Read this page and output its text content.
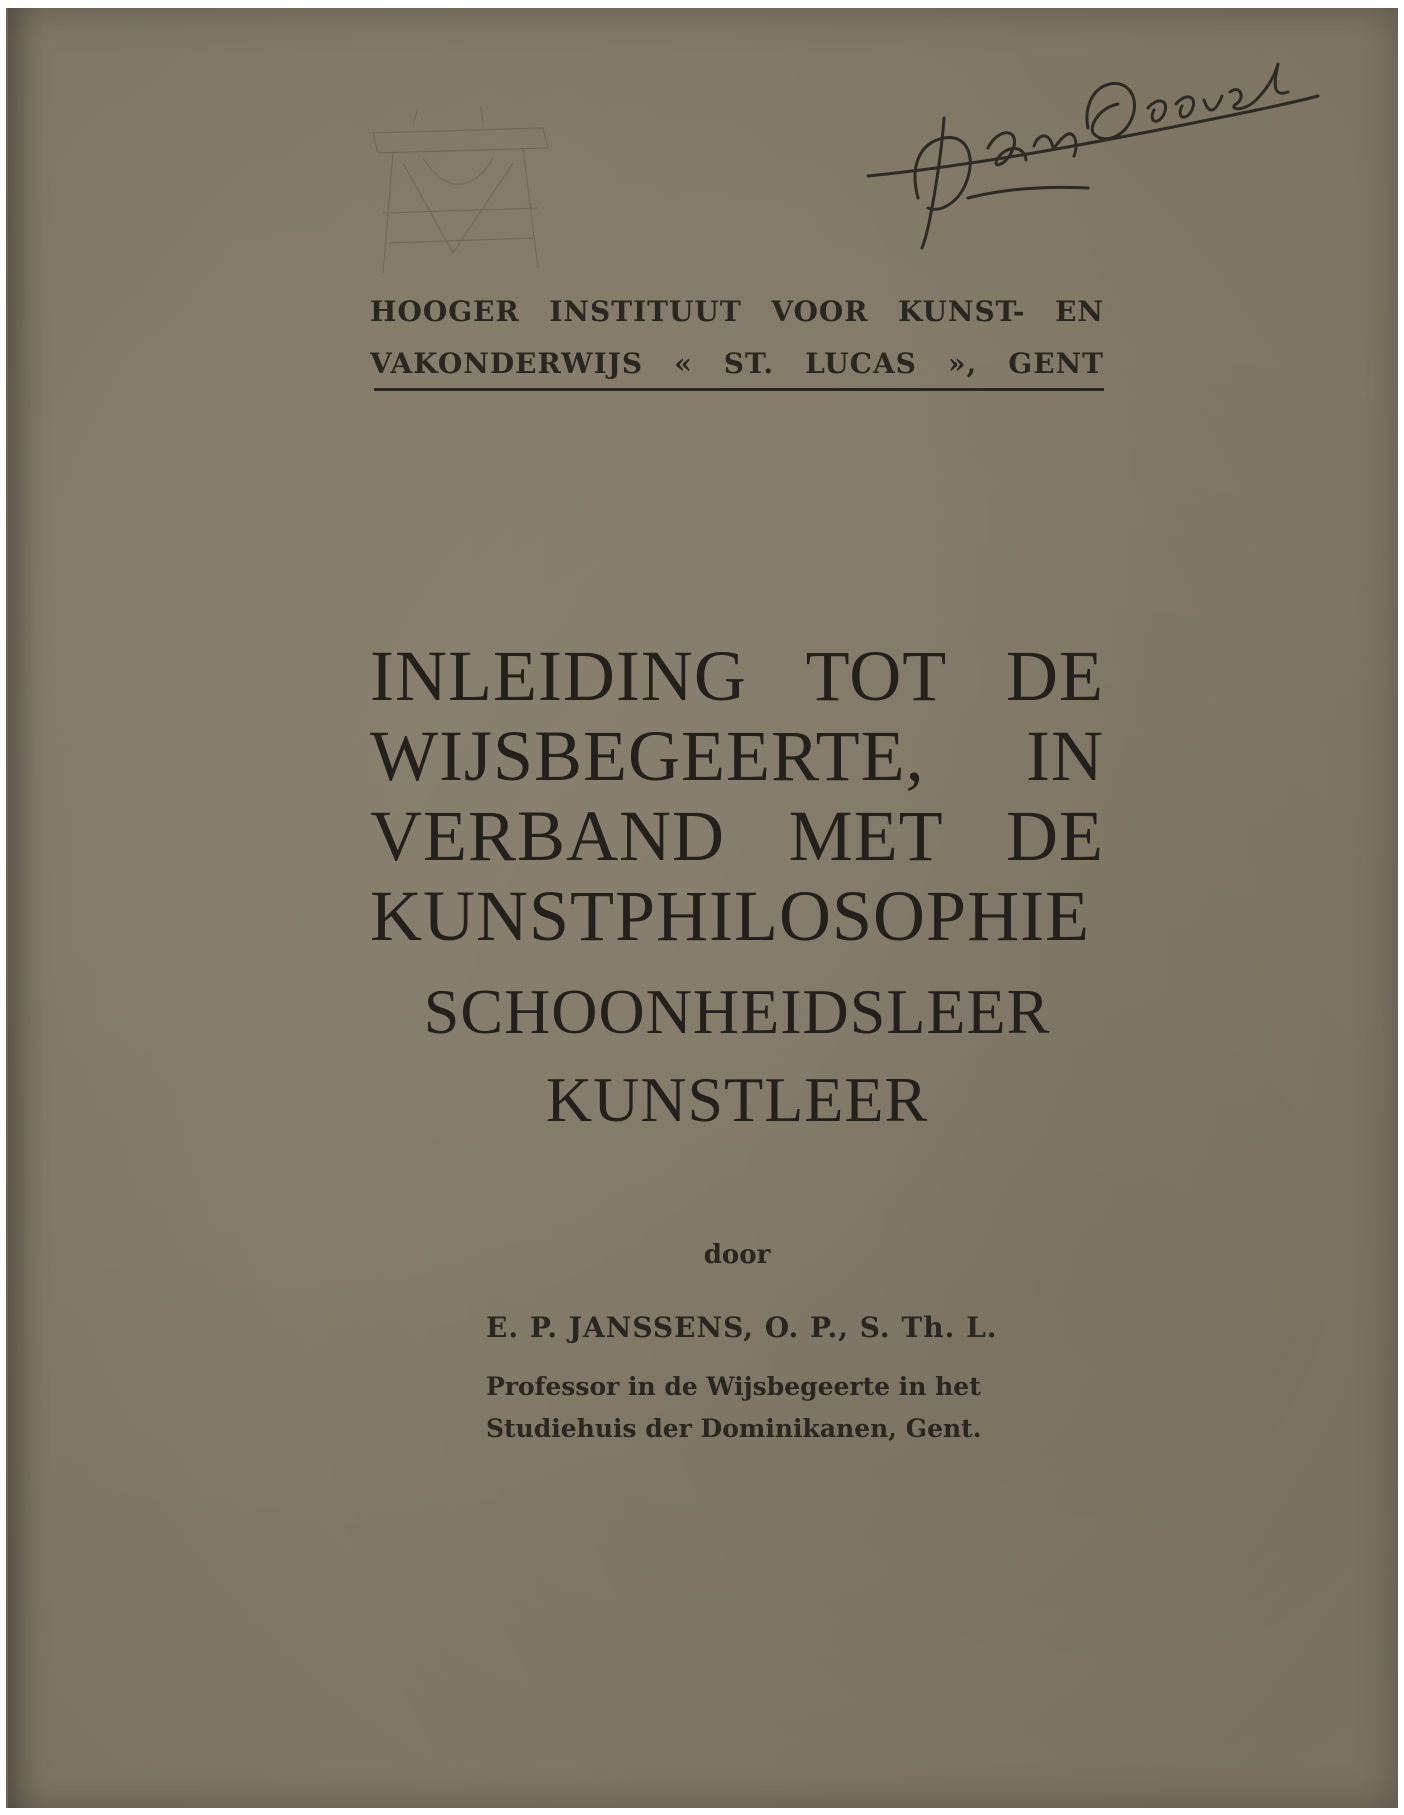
HOOGER INSTITUUT VOOR KUNST- EN
VAKONDERWIJS « ST. LUCAS », GENT
INLEIDING TOT DE
WIJSBEGEERTE, IN
VERBAND MET DE
KUNSTPHILOSOPHIE
SCHOONHEIDSLEER
KUNSTLEER
door
E. P. JANSSENS, O. P., S. Th. L.
Professor in de Wijsbegeerte in het
Studiehuis der Dominikanen, Gent.
